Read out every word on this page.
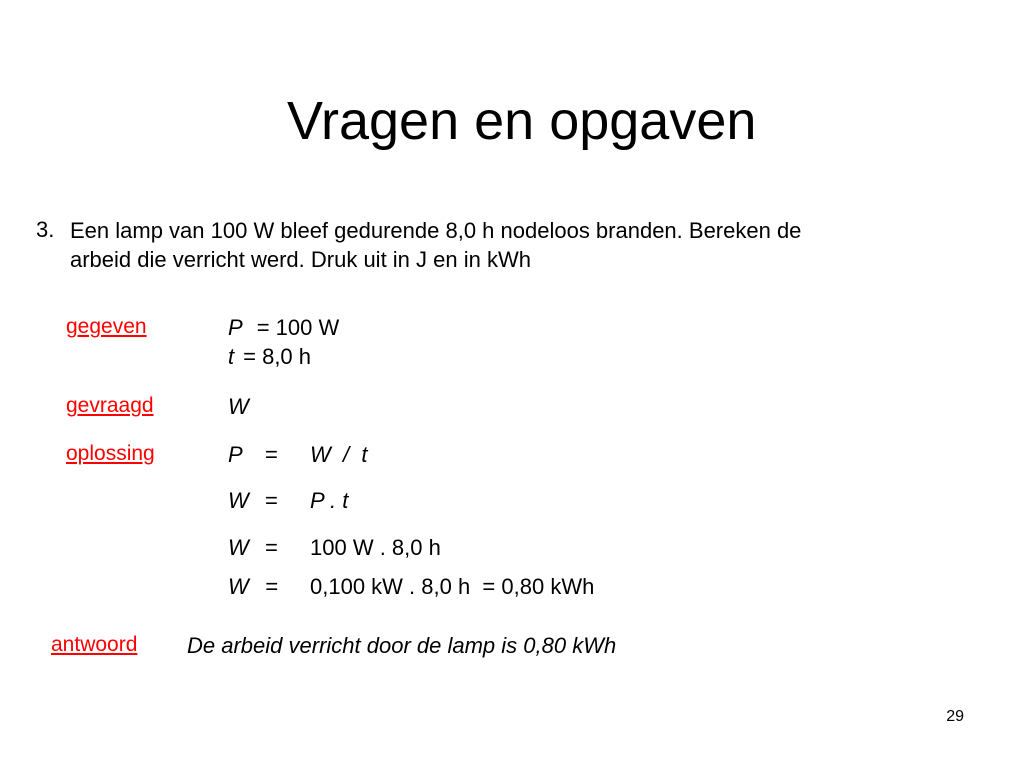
Vragen en opgaven
3. Een lamp van 100 W bleef gedurende 8,0 h nodeloos branden. Bereken de
arbeid die verricht werd. Druk uit in J en in kWh
gegeven	P = 100 W
t = 8,0 h
gevraagd	W
oplossing	P = W  /  t
W = P . t
W = 100 W . 8,0 h
W = 0,100 kW . 8,0 h  = 0,80 kWh
antwoord De arbeid verricht door de lamp is 0,80 kWh
29
